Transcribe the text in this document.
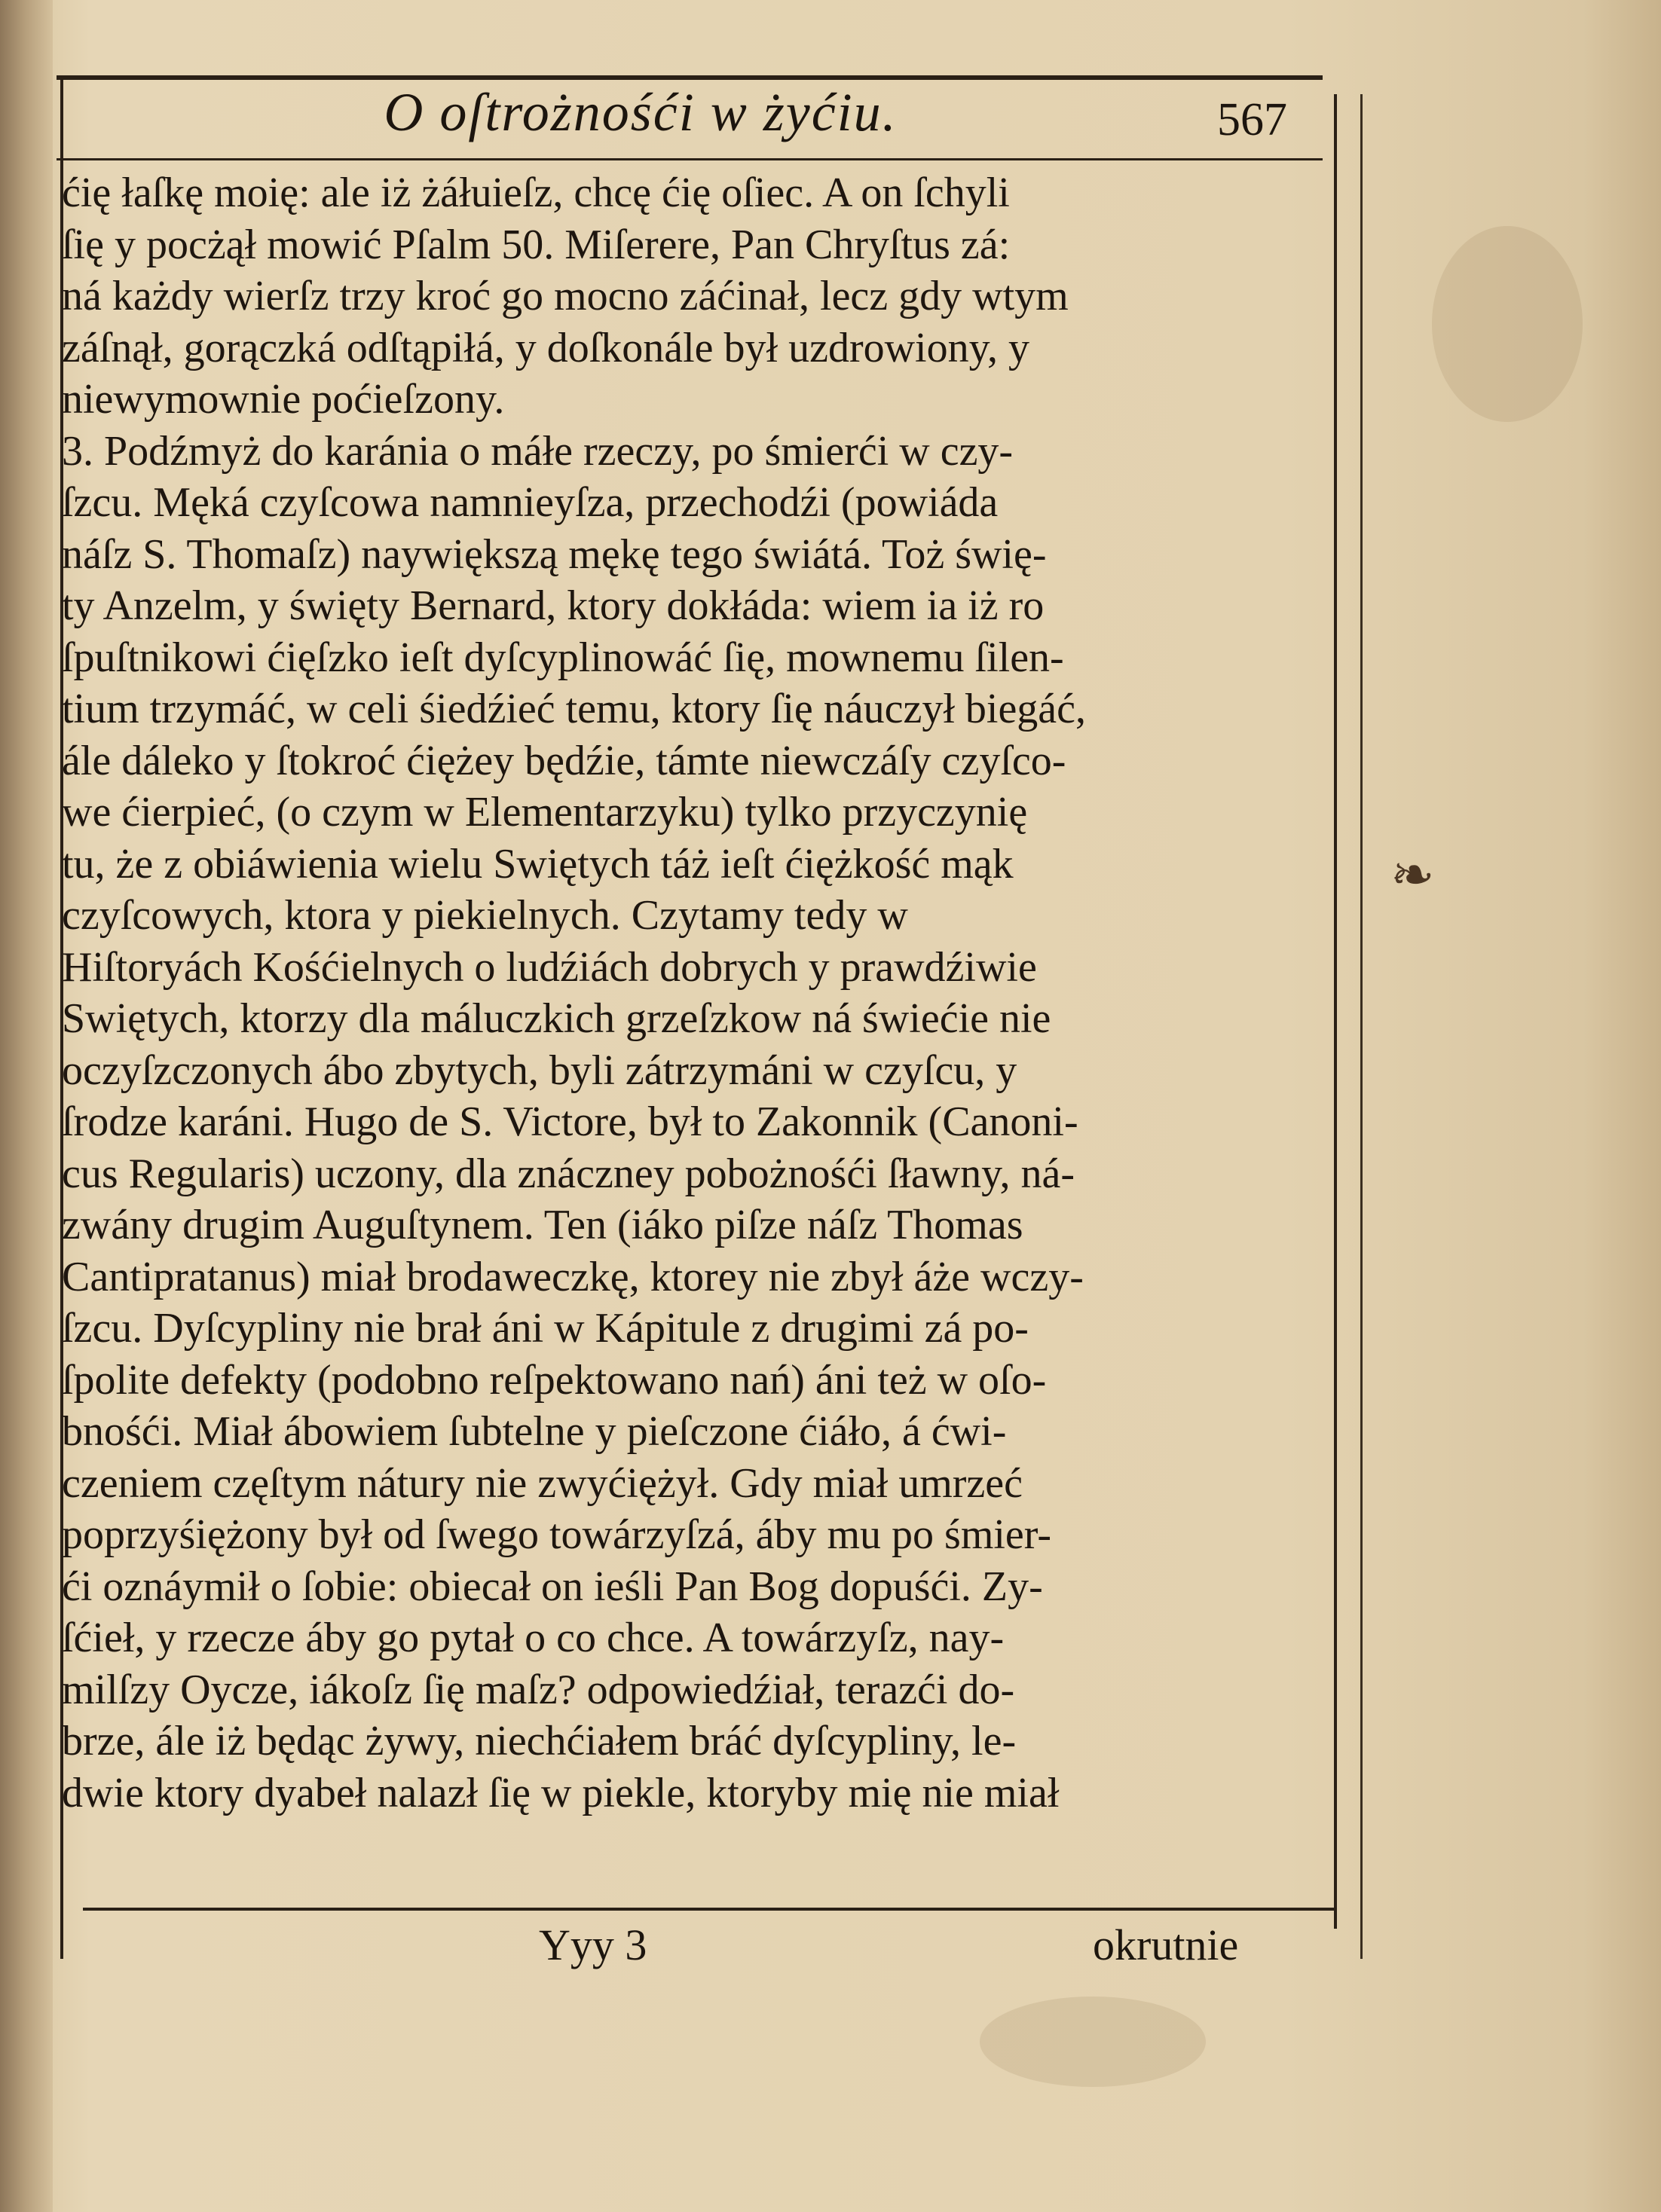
O oſtrożnośći w żyćiu.	567
ćię łaſkę moię: ale iż żáłuieſz, chcę ćię oſiec. A on ſchyli
ſię y pocżął mowić Pſalm 50. Miſerere, Pan Chryſtus zá:
ná każdy wierſz trzy kroć go mocno záćinał, lecz gdy wtym
záſnął, gorączká odſtąpiłá, y doſkonále był uzdrowiony, y
niewymownie poćieſzony.
3. Podźmyż do karánia o máłe rzeczy, po śmierći w czy-
ſzcu. Męká czyſcowa namnieyſza, przechodźi (powiáda
náſz S. Thomaſz) naywiększą mękę tego świátá. Toż świę-
ty Anzelm, y święty Bernard, ktory dokłáda: wiem ia iż ro
ſpuſtnikowi ćięſzko ieſt dyſcyplinowáć ſię, mownemu ſilen-
tium trzymáć, w celi śiedźieć temu, ktory ſię náuczył biegáć,
ále dáleko y ſtokroć ćiężey będźie, támte niewczáſy czyſco-
we ćierpieć, (o czym w Elementarzyku) tylko przyczynię
tu, że z obiáwienia wielu Swiętych táż ieſt ćiężkość mąk
czyſcowych, ktora y piekielnych. Czytamy tedy w
Hiſtoryách Kośćielnych o ludźiách dobrych y prawdźiwie
Swiętych, ktorzy dla máluczkich grzeſzkow ná świećie nie
oczyſzczonych ábo zbytych, byli zátrzymáni w czyſcu, y
ſrodze karáni. Hugo de S. Victore, był to Zakonnik (Canoni-
cus Regularis) uczony, dla znáczney pobożnośći ſławny, ná-
zwány drugim Auguſtynem. Ten (iáko piſze náſz Thomas
Cantipratanus) miał brodaweczkę, ktorey nie zbył áże wczy-
ſzcu. Dyſcypliny nie brał áni w Kápitule z drugimi zá po-
ſpolite defekty (podobno reſpektowano nań) áni też w oſo-
bnośći. Miał ábowiem ſubtelne y pieſczone ćiáło, á ćwi-
czeniem częſtym nátury nie zwyćiężył. Gdy miał umrzeć
poprzyśiężony był od ſwego towárzyſzá, áby mu po śmier-
ći oznáymił o ſobie: obiecał on ieśli Pan Bog dopuśći. Zy-
ſćieł, y rzecze áby go pytał o co chce. A towárzyſz, nay-
milſzy Oycze, iákoſz ſię maſz? odpowiedźiał, terazći do-
brze, ále iż będąc żywy, niechćiałem bráć dyſcypliny, le-
dwie ktory dyabeł nalazł ſię w piekle, ktoryby mię nie miał
❧
Yyy 3	okrutnie
